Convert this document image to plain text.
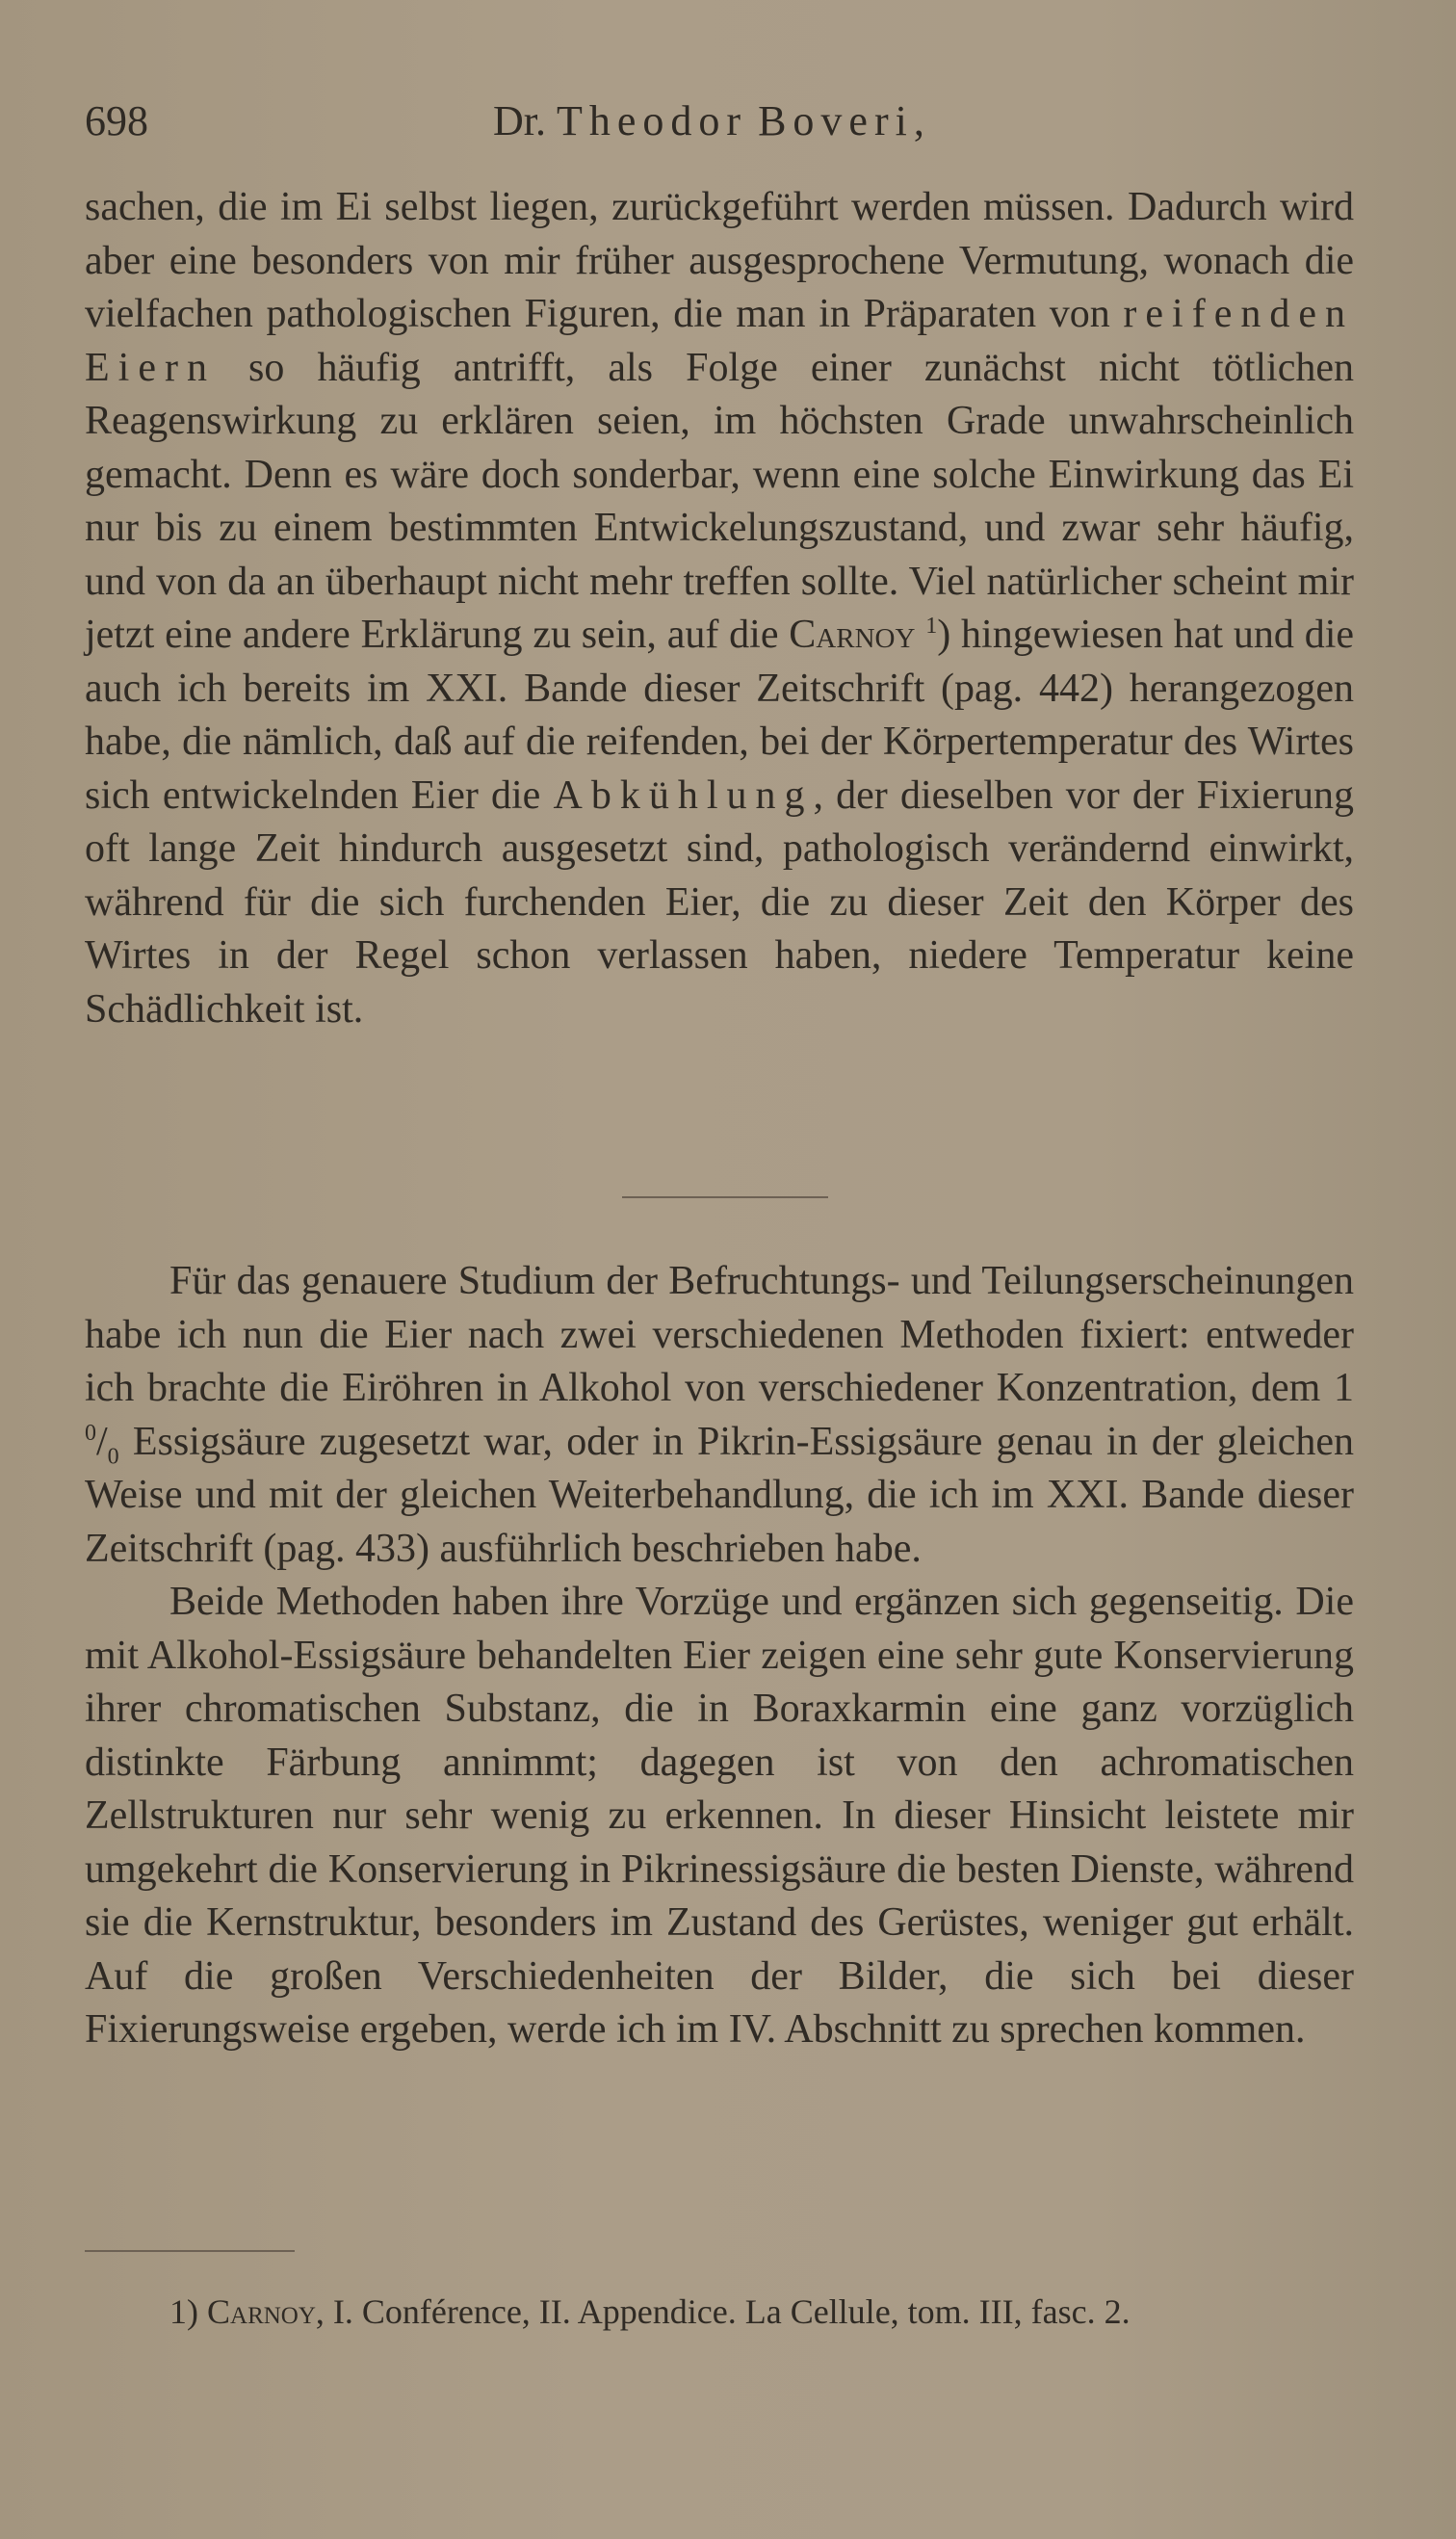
698	Dr. Theodor Boveri,

sachen, die im Ei selbst liegen, zurückgeführt werden müssen. Dadurch wird aber eine besonders von mir früher ausgesprochene Vermutung, wonach die vielfachen pathologischen Figuren, die man in Präparaten von reifenden Eiern so häufig antrifft, als Folge einer zunächst nicht tötlichen Reagenswirkung zu erklären seien, im höchsten Grade unwahrscheinlich gemacht. Denn es wäre doch sonderbar, wenn eine solche Einwirkung das Ei nur bis zu einem bestimmten Entwickelungszustand, und zwar sehr häufig, und von da an überhaupt nicht mehr treffen sollte. Viel natürlicher scheint mir jetzt eine andere Erklärung zu sein, auf die Carnoy $^1$) hingewiesen hat und die auch ich bereits im XXI. Bande dieser Zeitschrift (pag. 442) herangezogen habe, die nämlich, daß auf die reifenden, bei der Körpertemperatur des Wirtes sich entwickelnden Eier die Abkühlung, der dieselben vor der Fixierung oft lange Zeit hindurch ausgesetzt sind, pathologisch verändernd einwirkt, während für die sich furchenden Eier, die zu dieser Zeit den Körper des Wirtes in der Regel schon verlassen haben, niedere Temperatur keine Schädlichkeit ist.

Für das genauere Studium der Befruchtungs- und Teilungserscheinungen habe ich nun die Eier nach zwei verschiedenen Methoden fixiert: entweder ich brachte die Eiröhren in Alkohol von verschiedener Konzentration, dem 1 $^0/_0$ Essigsäure zugesetzt war, oder in Pikrin-Essigsäure genau in der gleichen Weise und mit der gleichen Weiterbehandlung, die ich im XXI. Bande dieser Zeitschrift (pag. 433) ausführlich beschrieben habe.

Beide Methoden haben ihre Vorzüge und ergänzen sich gegenseitig. Die mit Alkohol-Essigsäure behandelten Eier zeigen eine sehr gute Konservierung ihrer chromatischen Substanz, die in Boraxkarmin eine ganz vorzüglich distinkte Färbung annimmt; dagegen ist von den achromatischen Zellstrukturen nur sehr wenig zu erkennen. In dieser Hinsicht leistete mir umgekehrt die Konservierung in Pikrinessigsäure die besten Dienste, während sie die Kernstruktur, besonders im Zustand des Gerüstes, weniger gut erhält. Auf die großen Verschiedenheiten der Bilder, die sich bei dieser Fixierungsweise ergeben, werde ich im IV. Abschnitt zu sprechen kommen.

1) Carnoy, I. Conférence, II. Appendice. La Cellule, tom. III, fasc. 2.
